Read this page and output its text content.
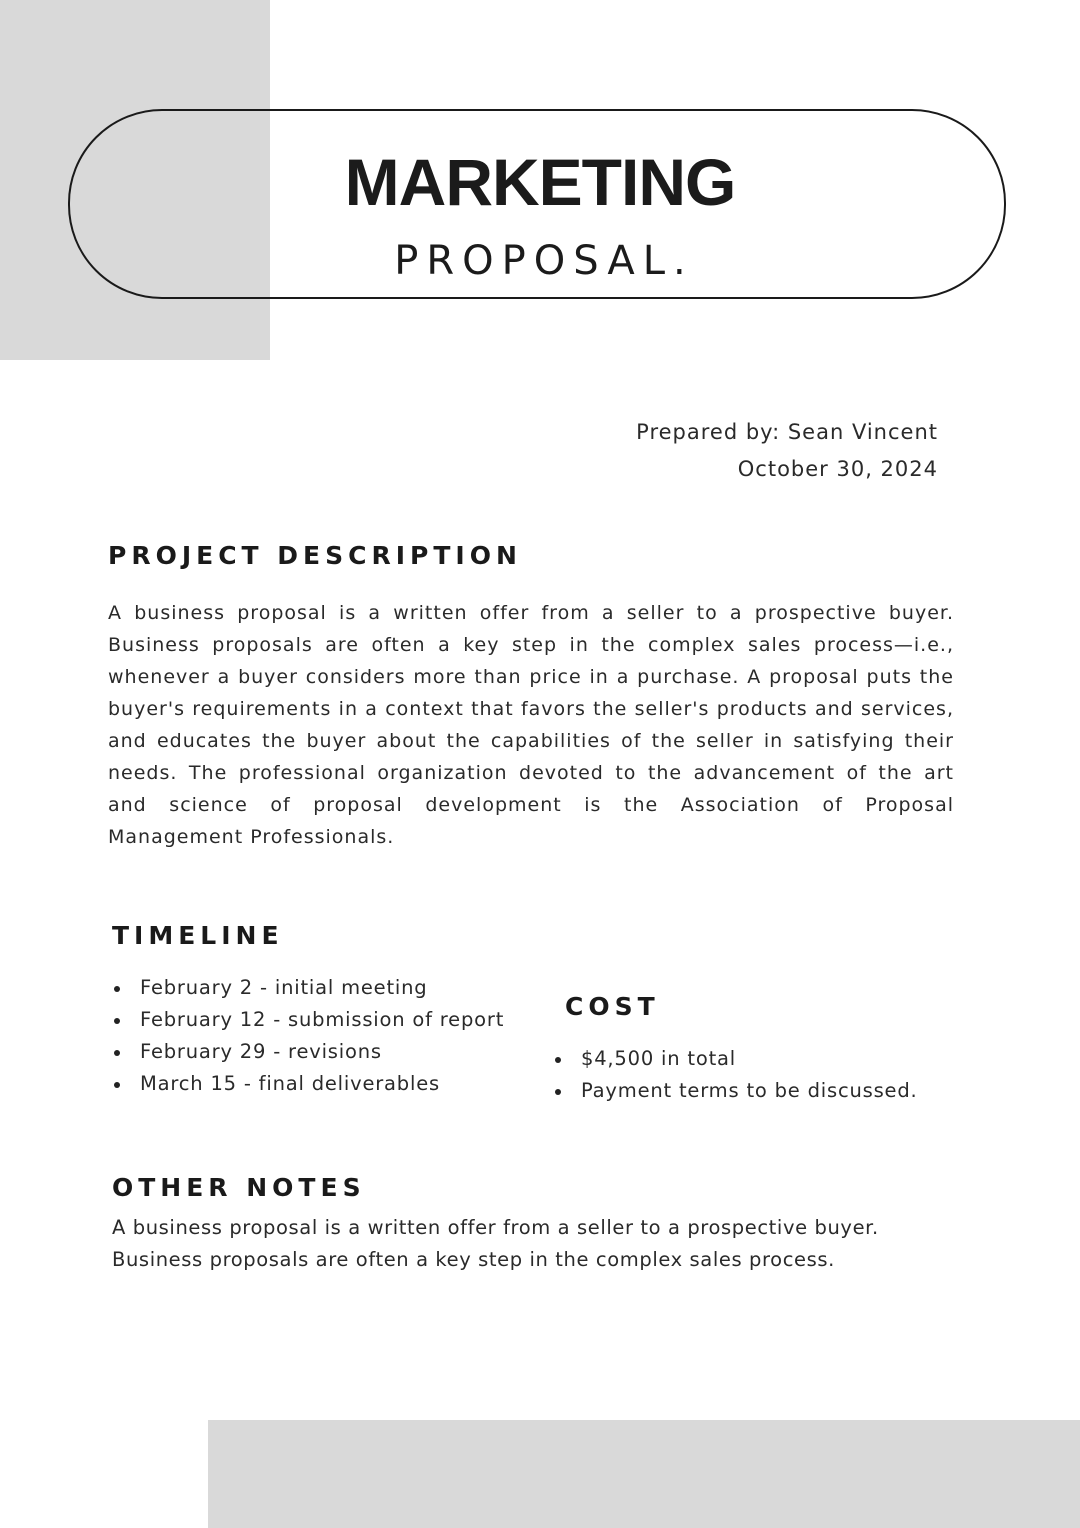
MARKETING
PROPOSAL.
Prepared by: Sean Vincent
October 30, 2024
PROJECT DESCRIPTION

A business proposal is a written offer from a seller to a prospective buyer. Business proposals are often a key step in the complex sales process—i.e., whenever a buyer considers more than price in a purchase. A proposal puts the buyer's requirements in a context that favors the seller's products and services, and educates the buyer about the capabilities of the seller in satisfying their needs. The professional organization devoted to the advancement of the art and science of proposal development is the Association of Proposal Management Professionals.

TIMELINE
February 2 - initial meeting
February 12 - submission of report
February 29 - revisions
March 15 - final deliverables
COST
$4,500 in total
Payment terms to be discussed.
OTHER NOTES
A business proposal is a written offer from a seller to a prospective buyer.
Business proposals are often a key step in the complex sales process.
